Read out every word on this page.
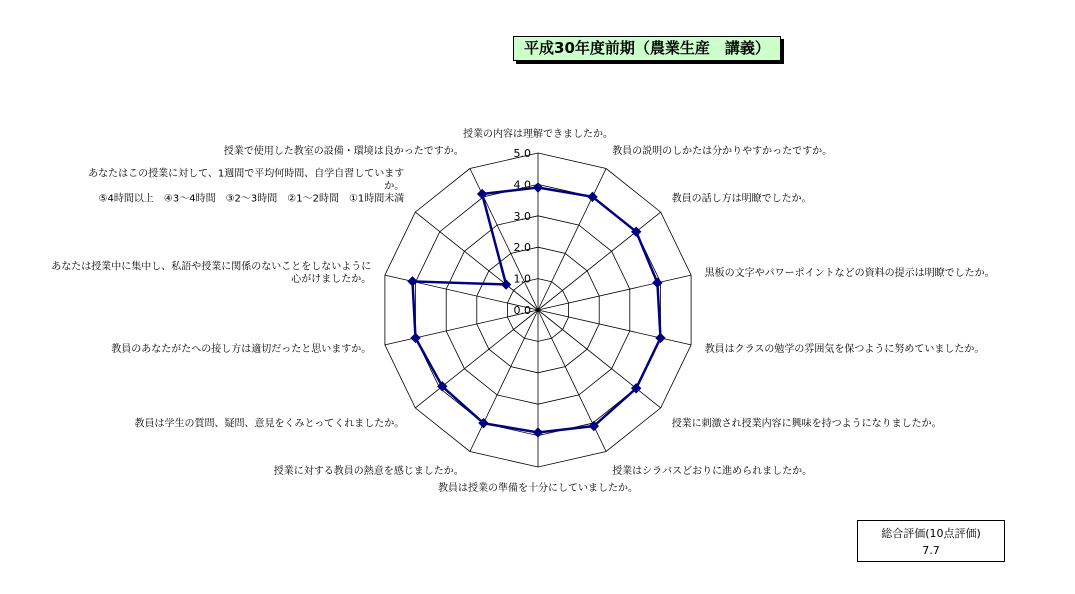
平成30年度前期（農業生産　講義）
0.0
1.0
2.0
3.0
4.0
5.0
授業の内容は理解できましたか。
教員の説明のしかたは分かりやすかったですか。
教員の話し方は明瞭でしたか。
黒板の文字やパワーポイントなどの資料の提示は明瞭でしたか。
教員はクラスの勉学の雰囲気を保つように努めていましたか。
授業に刺激され授業内容に興味を持つようになりましたか。
授業はシラバスどおりに進められましたか。
教員は授業の準備を十分にしていましたか。
授業に対する教員の熱意を感じましたか。
教員は学生の質問、疑問、意見をくみとってくれましたか。
教員のあなたがたへの接し方は適切だったと思いますか。
あなたは授業中に集中し、私語や授業に関係のないことをしないように
心がけましたか。
あなたはこの授業に対して、1週間で平均何時間、自学自習しています
か。
⑤4時間以上　④3～4時間　③2～3時間　②1～2時間　①1時間未満
授業で使用した教室の設備・環境は良かったですか。
総合評価(10点評価)
7.7
